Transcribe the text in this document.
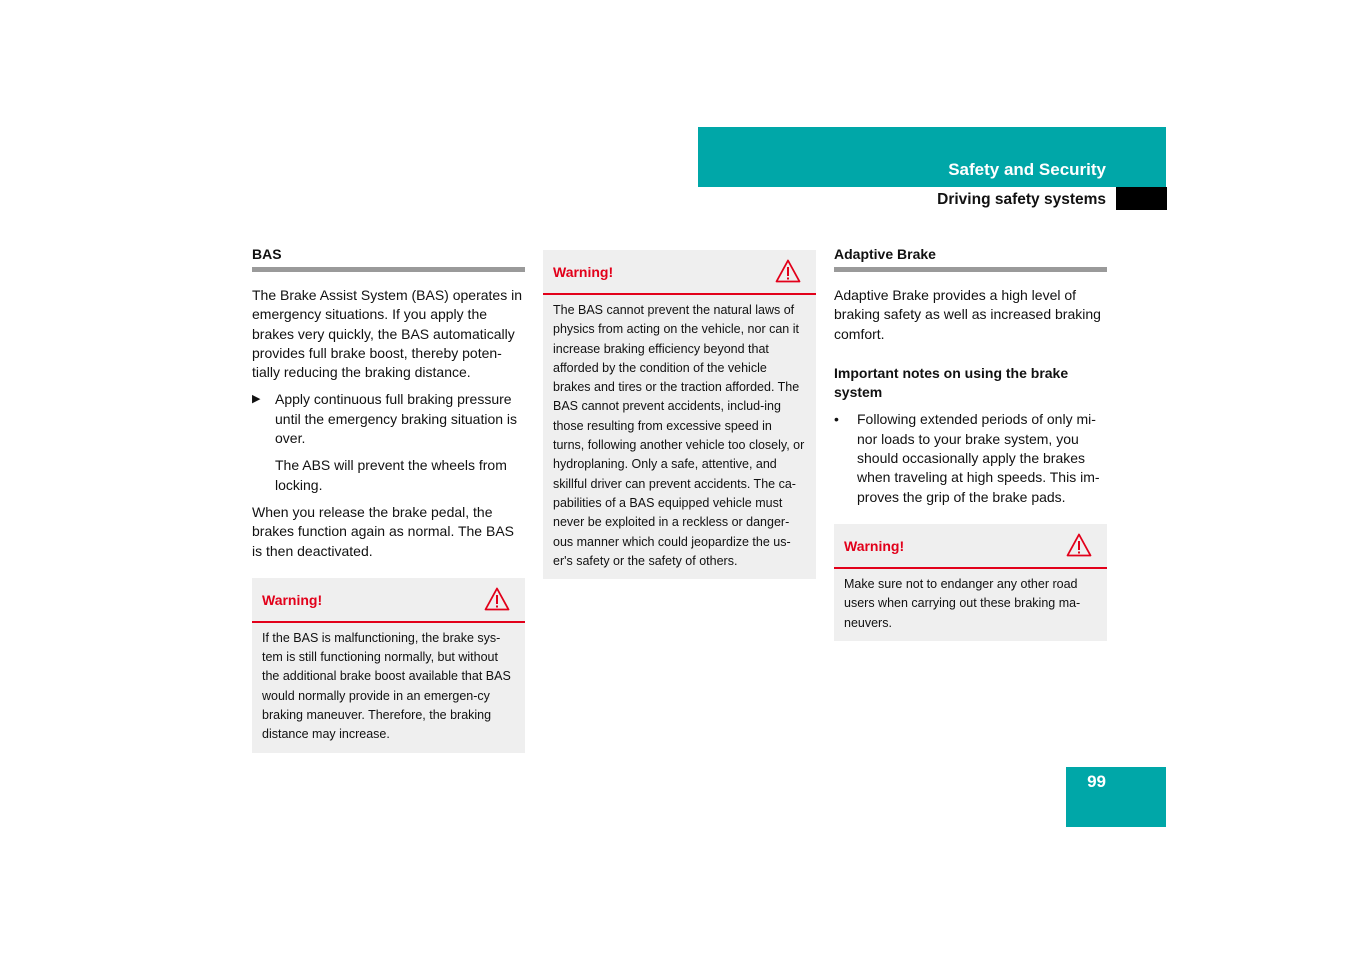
Safety and Security
Driving safety systems
BAS

The Brake Assist System (BAS) operates in emergency situations. If you apply the brakes very quickly, the BAS automatically provides full brake boost, thereby poten-tially reducing the braking distance.

▶ Apply continuous full braking pressure until the emergency braking situation is over.

The ABS will prevent the wheels from locking.

When you release the brake pedal, the brakes function again as normal. The BAS is then deactivated.

Warning!
If the BAS is malfunctioning, the brake sys-tem is still functioning normally, but without the additional brake boost available that BAS would normally provide in an emergen-cy braking maneuver. Therefore, the braking distance may increase.
Warning!
The BAS cannot prevent the natural laws of physics from acting on the vehicle, nor can it increase braking efficiency beyond that afforded by the condition of the vehicle brakes and tires or the traction afforded. The BAS cannot prevent accidents, includ-ing those resulting from excessive speed in turns, following another vehicle too closely, or hydroplaning. Only a safe, attentive, and skillful driver can prevent accidents. The ca-pabilities of a BAS equipped vehicle must never be exploited in a reckless or danger-ous manner which could jeopardize the us-er's safety or the safety of others.
Adaptive Brake

Adaptive Brake provides a high level of braking safety as well as increased braking comfort.

Important notes on using the brake system
• Following extended periods of only mi-nor loads to your brake system, you should occasionally apply the brakes when traveling at high speeds. This im-proves the grip of the brake pads.
Warning!
Make sure not to endanger any other road users when carrying out these braking ma-neuvers.
99
